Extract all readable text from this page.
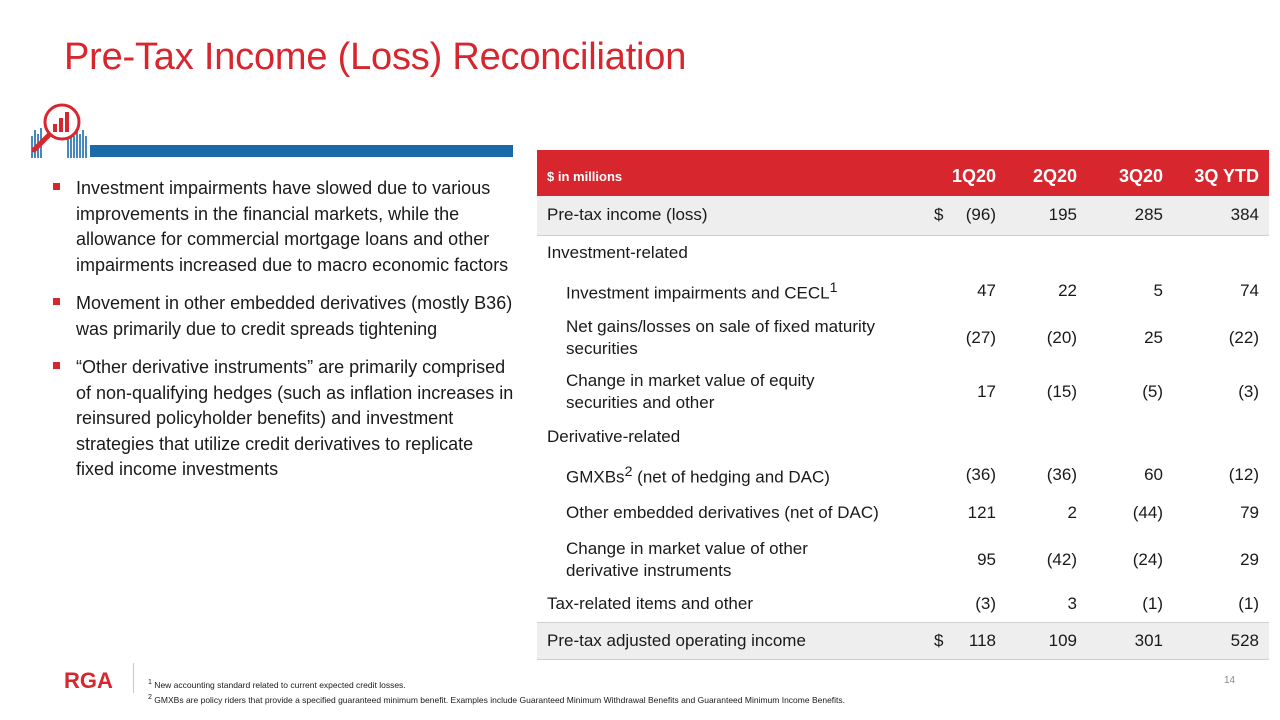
Pre-Tax Income (Loss) Reconciliation
Investment impairments have slowed due to various improvements in the financial markets, while the allowance for commercial mortgage loans and other impairments increased due to macro economic factors
Movement in other embedded derivatives (mostly B36) was primarily due to credit spreads tightening
“Other derivative instruments” are primarily comprised of non-qualifying hedges (such as inflation increases in reinsured policyholder benefits) and investment strategies that utilize credit derivatives to replicate fixed income investments
$ in millions	1Q20	2Q20	3Q20	3Q YTD
Pre-tax income (loss)	$ (96)	195	285	384
Investment-related				
Investment impairments and CECL$^1$	47	22	5	74
Net gains/losses on sale of fixed maturity
securities	(27)	(20)	25	(22)
Change in market value of equity
securities and other	17	(15)	(5)	(3)
Derivative-related				
GMXBs$^2$ (net of hedging and DAC)	(36)	(36)	60	(12)
Other embedded derivatives (net of DAC)	121	2	(44)	79
Change in market value of other
derivative instruments	95	(42)	(24)	29
Tax-related items and other	(3)	3	(1)	(1)
Pre-tax adjusted operating income	$ 118	109	301	528
RGA	$^1$ New accounting standard related to current expected credit losses.
$^2$ GMXBs are policy riders that provide a specified guaranteed minimum benefit. Examples include Guaranteed Minimum Withdrawal Benefits and Guaranteed Minimum Income Benefits.
14
